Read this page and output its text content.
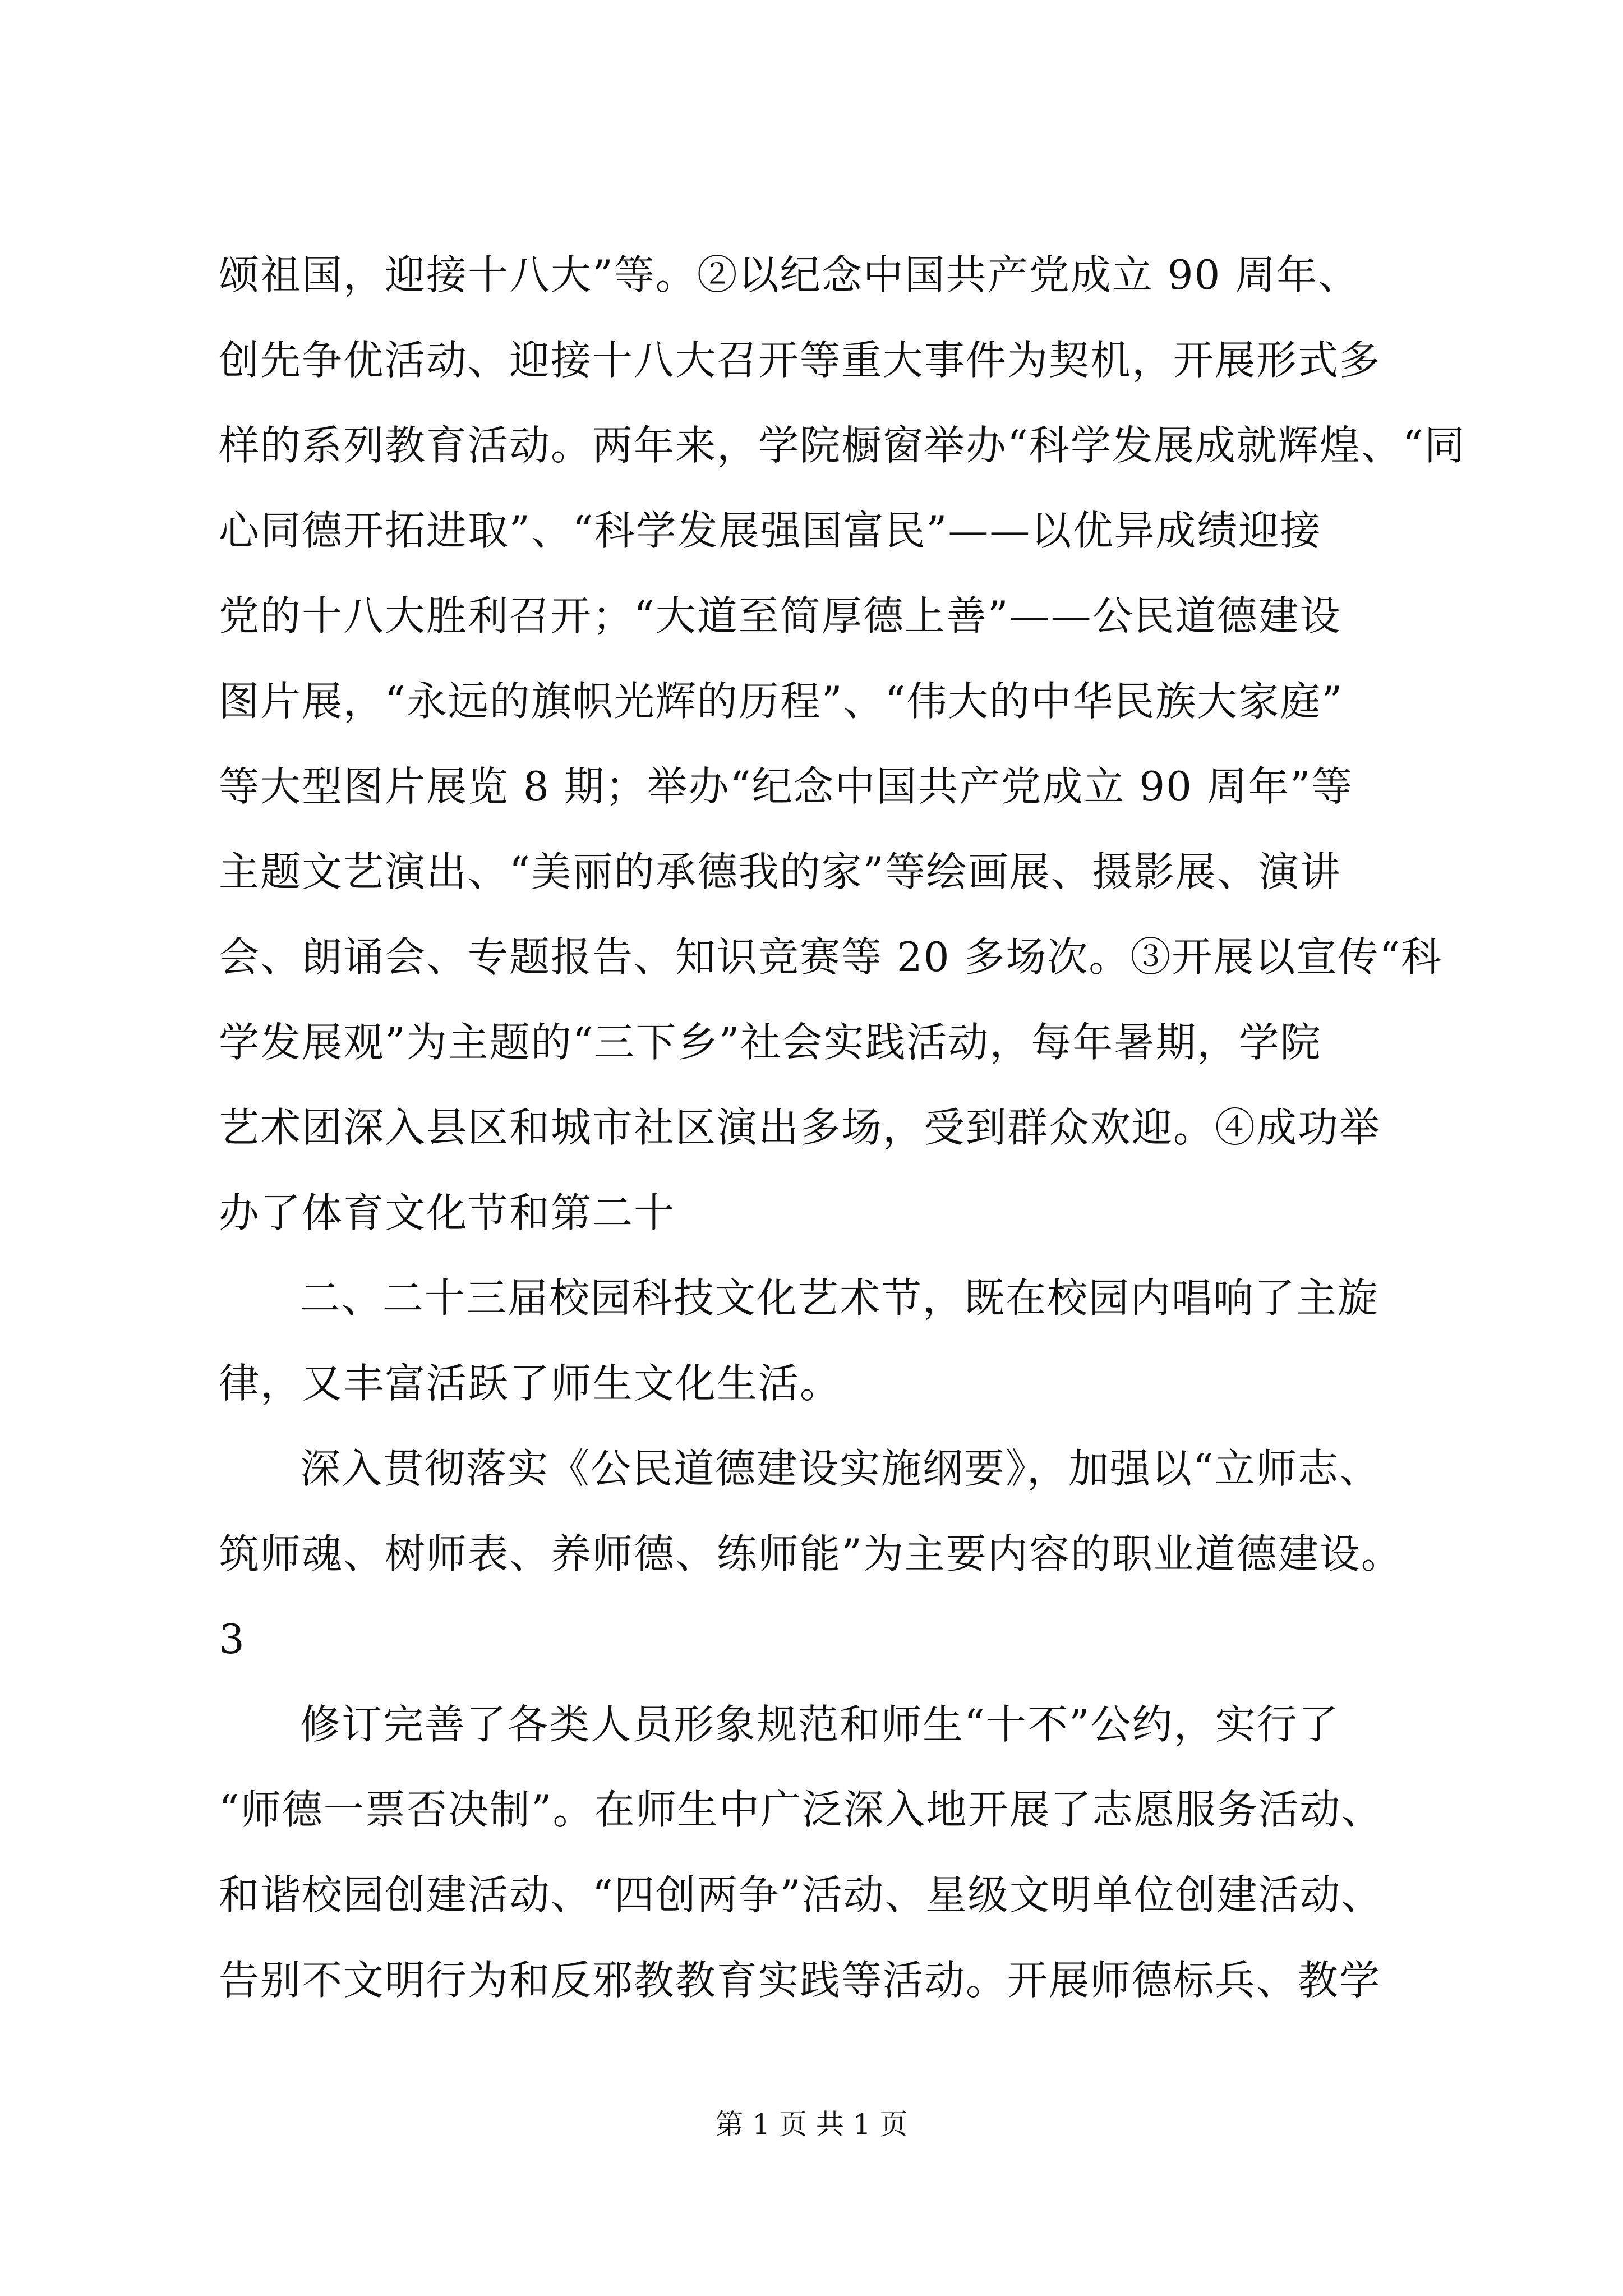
颂祖国，迎接十八大”等。②以纪念中国共产党成立 90 周年、
创先争优活动、迎接十八大召开等重大事件为契机，开展形式多
样的系列教育活动。两年来，学院橱窗举办“科学发展成就辉煌、“同
心同德开拓进取”、“科学发展强国富民”——以优异成绩迎接
党的十八大胜利召开；“大道至简厚德上善”——公民道德建设
图片展，“永远的旗帜光辉的历程”、“伟大的中华民族大家庭”
等大型图片展览 8 期；举办“纪念中国共产党成立 90 周年”等
主题文艺演出、“美丽的承德我的家”等绘画展、摄影展、演讲
会、朗诵会、专题报告、知识竞赛等 20 多场次。③开展以宣传“科
学发展观”为主题的“三下乡”社会实践活动，每年暑期，学院
艺术团深入县区和城市社区演出多场，受到群众欢迎。④成功举
办了体育文化节和第二十
二、二十三届校园科技文化艺术节，既在校园内唱响了主旋
律，又丰富活跃了师生文化生活。
深入贯彻落实《公民道德建设实施纲要》，加强以“立师志、
筑师魂、树师表、养师德、练师能”为主要内容的职业道德建设。
3
修订完善了各类人员形象规范和师生“十不”公约，实行了
“师德一票否决制”。在师生中广泛深入地开展了志愿服务活动、
和谐校园创建活动、“四创两争”活动、星级文明单位创建活动、
第 1 页 共 1 页
告别不文明行为和反邪教教育实践等活动。开展师德标兵、教学
